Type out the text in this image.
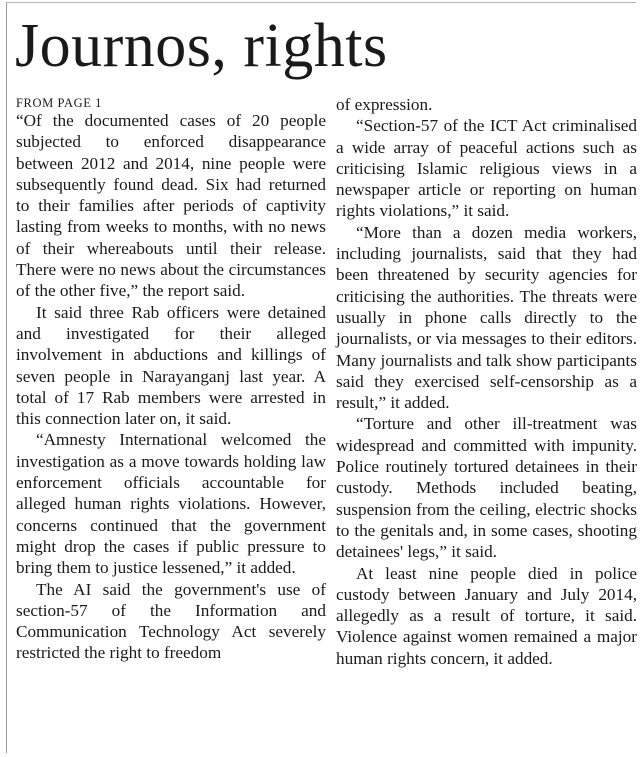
Journos, rights
FROM PAGE 1

“Of the documented cases of 20 people subjected to enforced disappearance between 2012 and 2014, nine people were subsequently found dead. Six had returned to their families after periods of captivity lasting from weeks to months, with no news of their whereabouts until their release. There were no news about the circumstances of the other five,” the report said.

It said three Rab officers were detained and investigated for their alleged involvement in abductions and killings of seven people in Narayanganj last year. A total of 17 Rab members were arrested in this connection later on, it said.

“Amnesty International welcomed the investigation as a move towards holding law enforcement officials accountable for alleged human rights violations. However, concerns continued that the government might drop the cases if public pressure to bring them to justice lessened,” it added.

The AI said the government's use of section-57 of the Information and Communication Technology Act severely restricted the right to freedom

of expression.

“Section-57 of the ICT Act criminalised a wide array of peaceful actions such as criticising Islamic religious views in a newspaper article or reporting on human rights violations,” it said.

“More than a dozen media workers, including journalists, said that they had been threatened by security agencies for criticising the authorities. The threats were usually in phone calls directly to the journalists, or via messages to their editors. Many journalists and talk show participants said they exercised self-censorship as a result,” it added.

“Torture and other ill-treatment was widespread and committed with impunity. Police routinely tortured detainees in their custody. Methods included beating, suspension from the ceiling, electric shocks to the genitals and, in some cases, shooting detainees' legs,” it said.

At least nine people died in police custody between January and July 2014, allegedly as a result of torture, it said. Violence against women remained a major human rights concern, it added.
